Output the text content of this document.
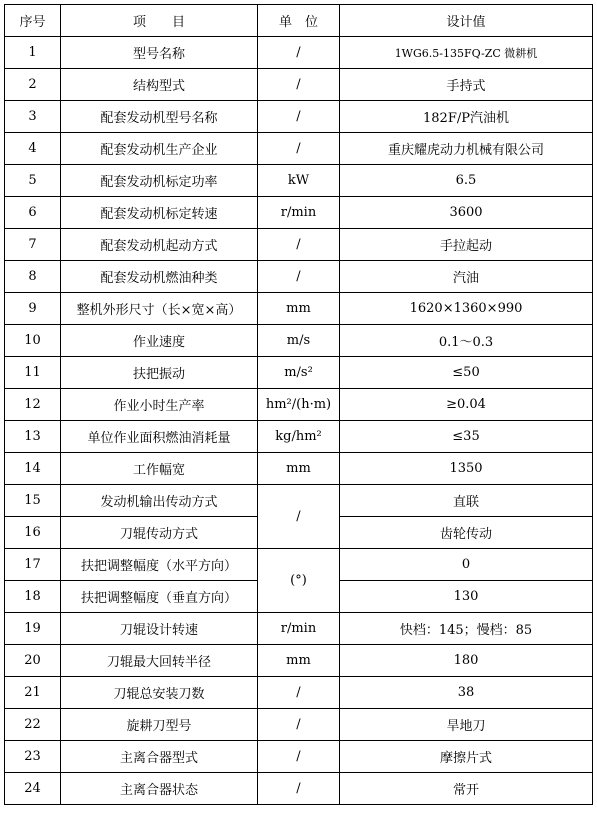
序号	项　　目	单　位	设计值
1	型号名称	/	1WG6.5-135FQ-ZC 微耕机
2	结构型式	/	手持式
3	配套发动机型号名称	/	182F/P汽油机
4	配套发动机生产企业	/	重庆耀虎动力机械有限公司
5	配套发动机标定功率	kW	6.5
6	配套发动机标定转速	r/min	3600
7	配套发动机起动方式	/	手拉起动
8	配套发动机燃油种类	/	汽油
9	整机外形尺寸（长×宽×高）	mm	1620×1360×990
10	作业速度	m/s	0.1～0.3
11	扶把振动	m/s²	≤50
12	作业小时生产率	hm²/(h·m)	≥0.04
13	单位作业面积燃油消耗量	kg/hm²	≤35
14	工作幅宽	mm	1350
15	发动机输出传动方式	/	直联
16	刀辊传动方式		齿轮传动
17	扶把调整幅度（水平方向）	(°)	0
18	扶把调整幅度（垂直方向）		130
19	刀辊设计转速	r/min	快档：145；慢档：85
20	刀辊最大回转半径	mm	180
21	刀辊总安装刀数	/	38
22	旋耕刀型号	/	旱地刀
23	主离合器型式	/	摩擦片式
24	主离合器状态	/	常开
